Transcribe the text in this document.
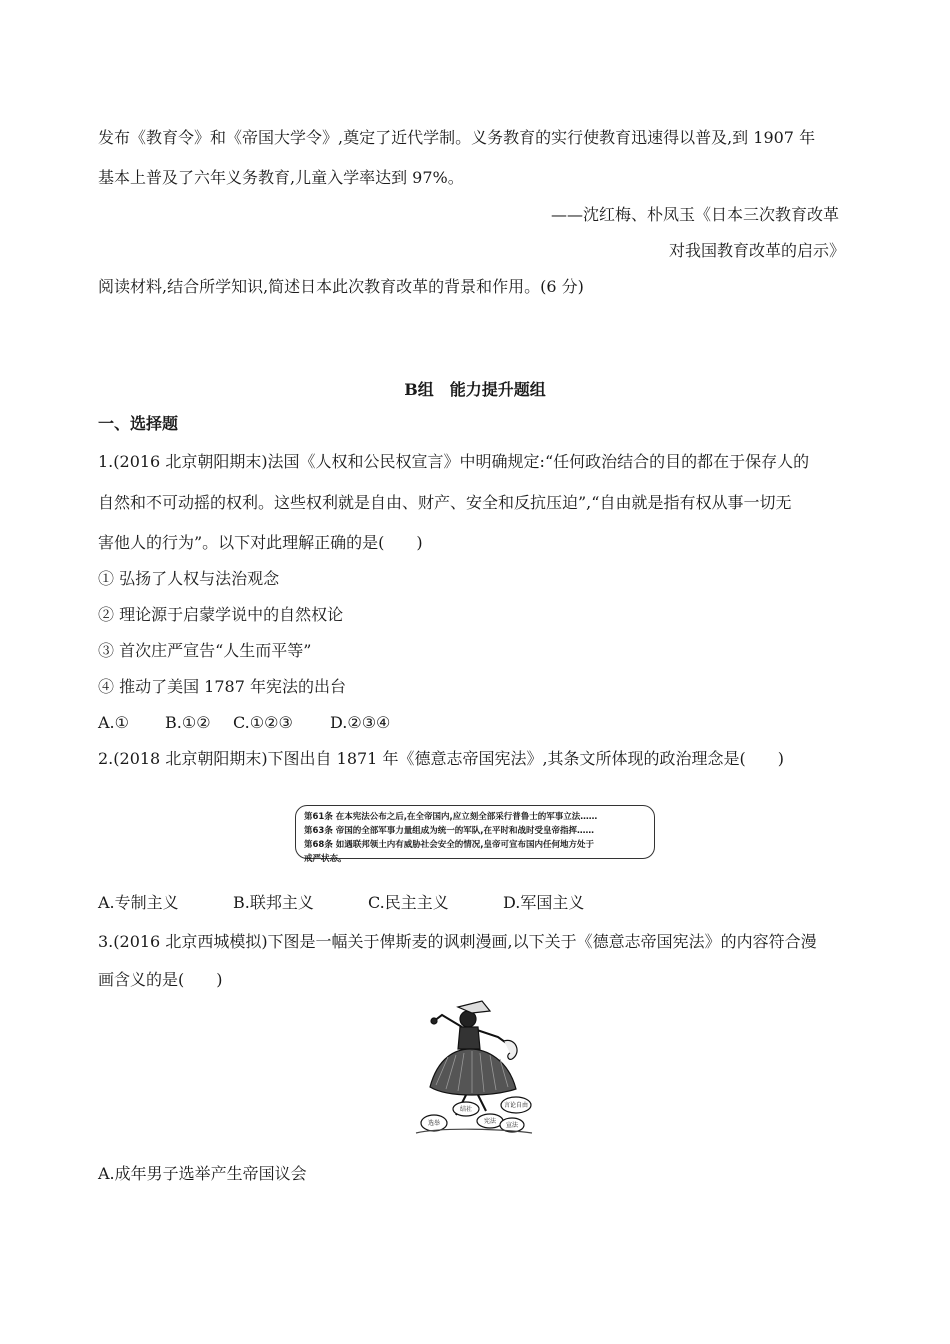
发布《教育令》和《帝国大学令》,奠定了近代学制。义务教育的实行使教育迅速得以普及,到 1907 年
基本上普及了六年义务教育,儿童入学率达到 97%。
——沈红梅、朴凤玉《日本三次教育改革
对我国教育改革的启示》
阅读材料,结合所学知识,简述日本此次教育改革的背景和作用。(6 分)
B组　能力提升题组
一、选择题
1.(2016 北京朝阳期末)法国《人权和公民权宣言》中明确规定:“任何政治结合的目的都在于保存人的
自然和不可动摇的权利。这些权利就是自由、财产、安全和反抗压迫”,“自由就是指有权从事一切无
害他人的行为”。以下对此理解正确的是(　　)
① 弘扬了人权与法治观念
② 理论源于启蒙学说中的自然权论
③ 首次庄严宣告“人生而平等”
④ 推动了美国 1787 年宪法的出台
A.① B.①② C.①②③ D.②③④
2.(2018 北京朝阳期末)下图出自 1871 年《德意志帝国宪法》,其条文所体现的政治理念是(　　)
第61条 在本宪法公布之后,在全帝国内,应立刻全部采行普鲁士的军事立法……
第63条 帝国的全部军事力量组成为统一的军队,在平时和战时受皇帝指挥……
第68条 如遇联邦领土内有威胁社会安全的情况,皇帝可宣布国内任何地方处于
戒严状态。
A.专制主义	B.联邦主义	C.民主主义	D.军国主义
3.(2016 北京西城模拟)下图是一幅关于俾斯麦的讽刺漫画,以下关于《德意志帝国宪法》的内容符合漫
画含义的是(　　)
选举
结社
宪法
言论自由
宣法
A.成年男子选举产生帝国议会
